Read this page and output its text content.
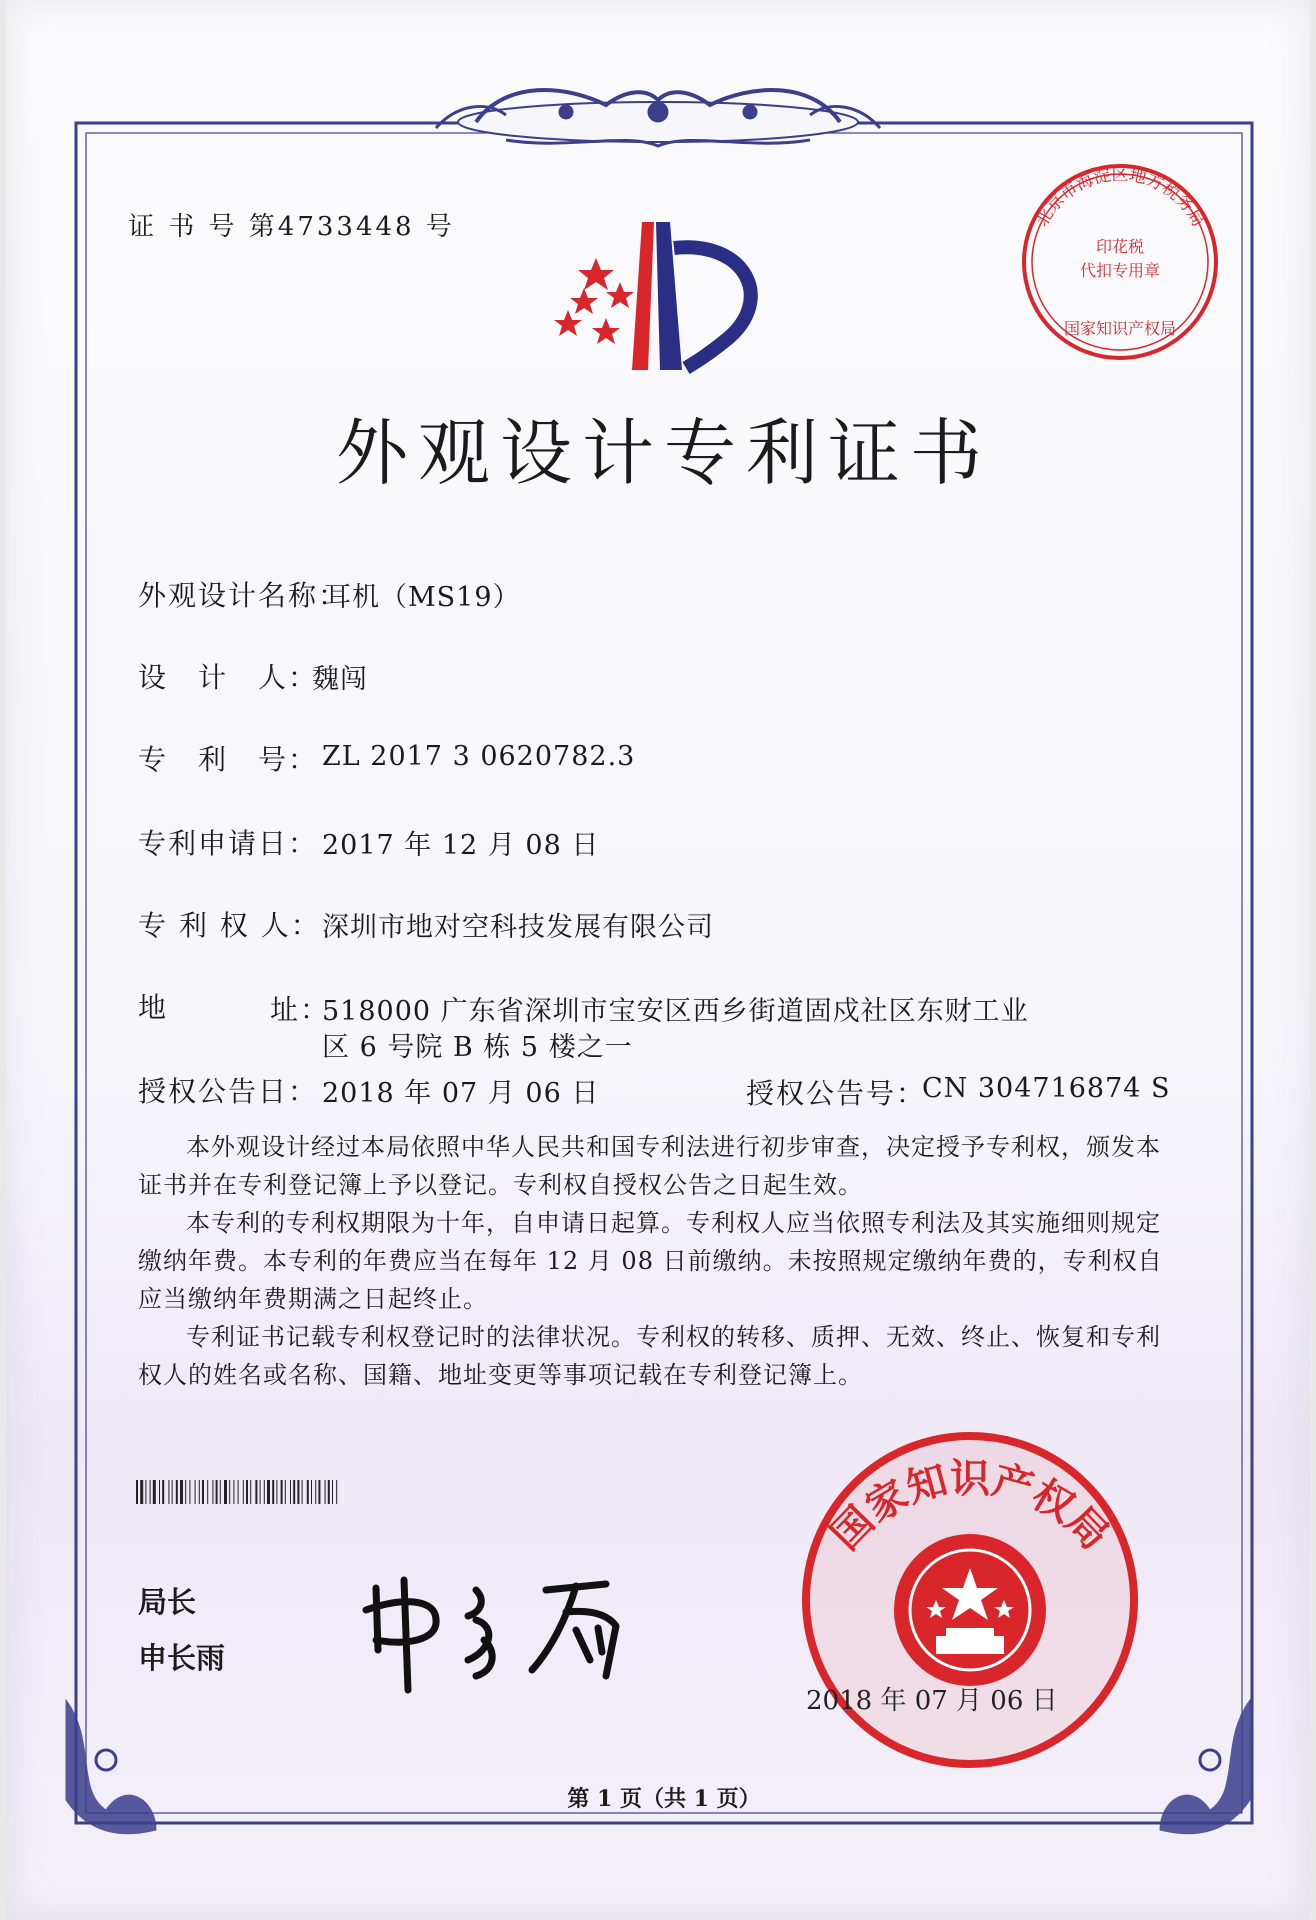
北京市海淀区地方税务局
印花税
代扣专用章
国家知识产权局
国家知识产权局
证 书 号 第4733448 号
外观设计专利证书
外观设计名称：
耳机（MS19）
设　计　人：
魏闯
专　利　号： ZL 2017 3 0620782.3
专利申请日： 2017 年 12 月 08 日
专 利 权 人： 深圳市地对空科技发展有限公司
地	址：
518000 广东省深圳市宝安区西乡街道固戍社区东财工业
区 6 号院 B 栋 5 楼之一
授权公告日： 2018 年 07 月 06 日	授权公告号：
CN 304716874 S

本外观设计经过本局依照中华人民共和国专利法进行初步审查，决定授予专利权，颁发本证书并在专利登记簿上予以登记。专利权自授权公告之日起生效。

本专利的专利权期限为十年，自申请日起算。专利权人应当依照专利法及其实施细则规定缴纳年费。本专利的年费应当在每年 12 月 08 日前缴纳。未按照规定缴纳年费的，专利权自应当缴纳年费期满之日起终止。

专利证书记载专利权登记时的法律状况。专利权的转移、质押、无效、终止、恢复和专利权人的姓名或名称、国籍、地址变更等事项记载在专利登记簿上。

局长
申长雨
2018 年 07 月 06 日
第 1 页（共 1 页）
